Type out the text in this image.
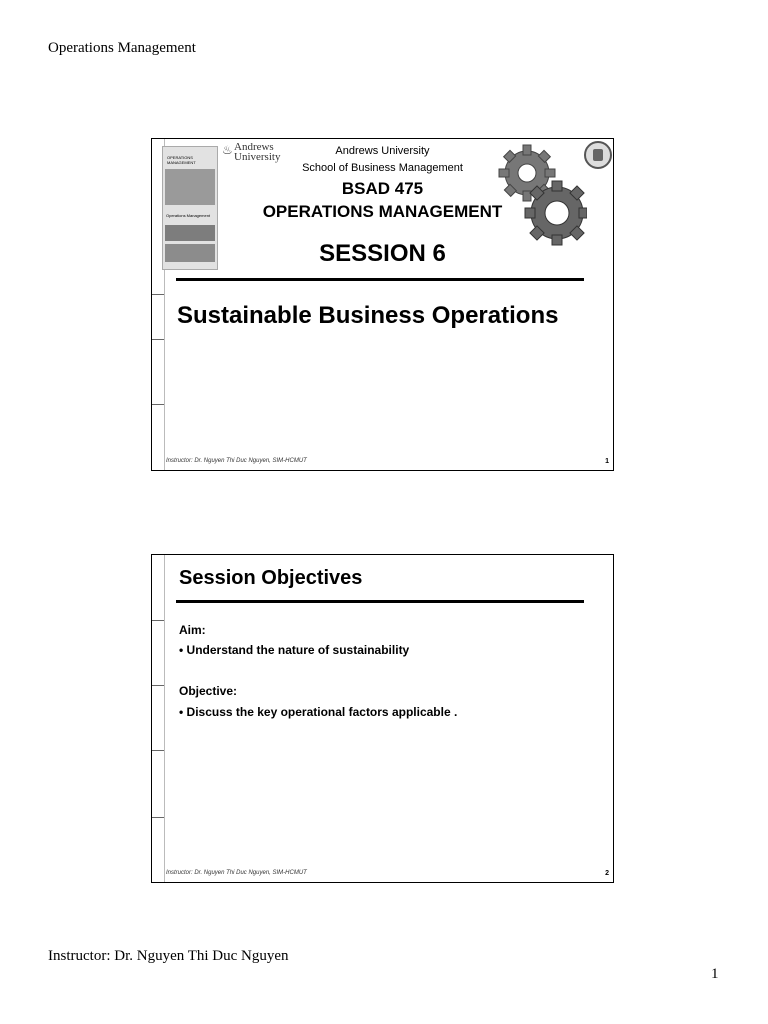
Operations Management
OPERATIONS MANAGEMENT
Operations Management
♨ Andrews
University	Andrews University
School of Business Management
BSAD 475
OPERATIONS MANAGEMENT
SESSION 6
Sustainable Business Operations
Instructor: Dr. Nguyen Thi Duc Nguyen, SIM-HCMUT	1
Session Objectives
Aim:
• Understand the nature of sustainability
Objective:
• Discuss the key operational factors applicable .
Instructor: Dr. Nguyen Thi Duc Nguyen, SIM-HCMUT	2
Instructor: Dr. Nguyen Thi Duc Nguyen
1
